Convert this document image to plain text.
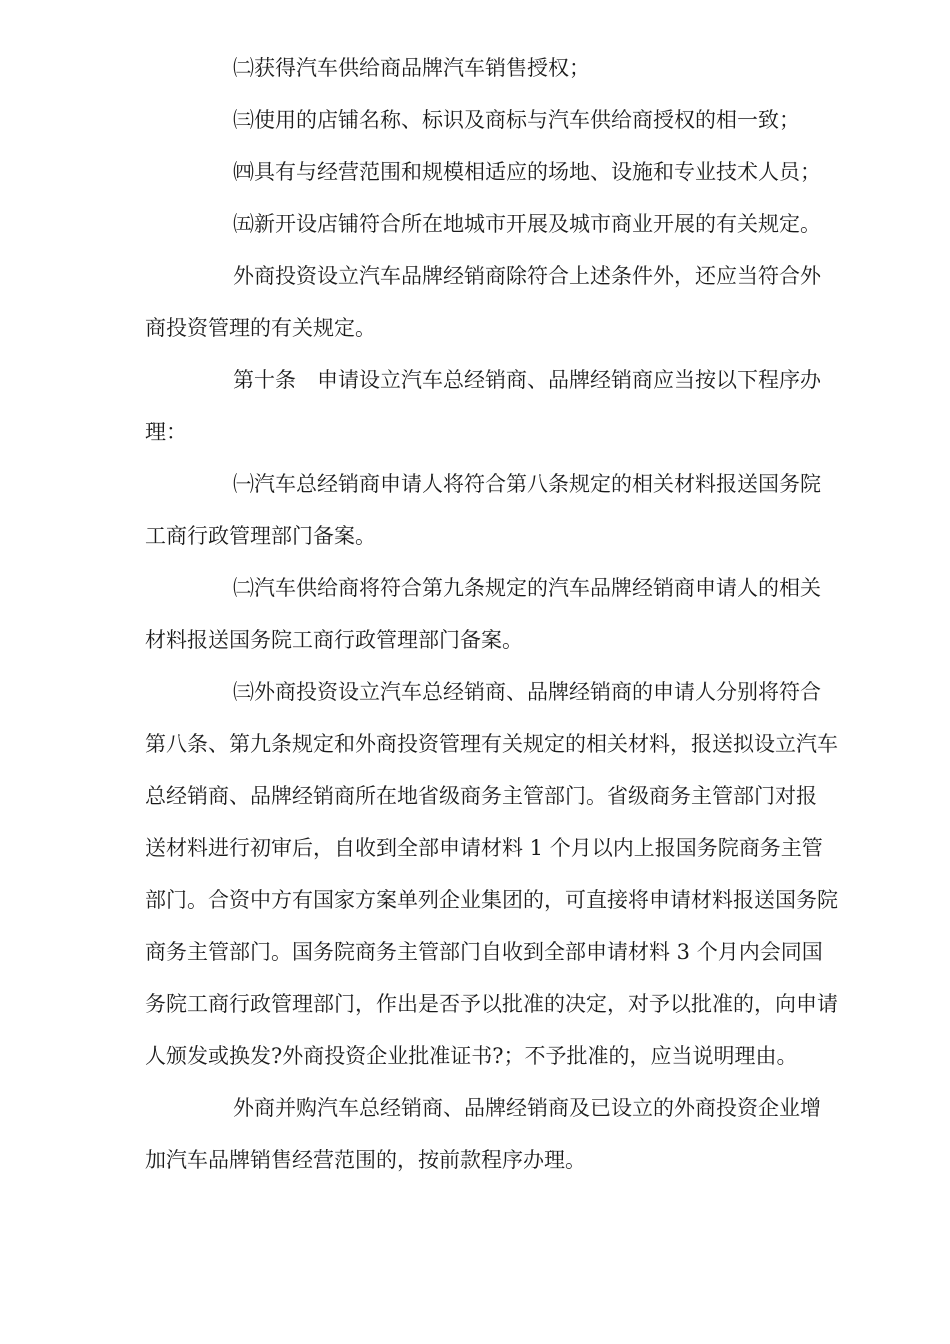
㈡获得汽车供给商品牌汽车销售授权；

㈢使用的店铺名称、标识及商标与汽车供给商授权的相一致；

㈣具有与经营范围和规模相适应的场地、设施和专业技术人员；

㈤新开设店铺符合所在地城市开展及城市商业开展的有关规定。

外商投资设立汽车品牌经销商除符合上述条件外，还应当符合外
商投资管理的有关规定。

第十条　申请设立汽车总经销商、品牌经销商应当按以下程序办
理：

㈠汽车总经销商申请人将符合第八条规定的相关材料报送国务院
工商行政管理部门备案。

㈡汽车供给商将符合第九条规定的汽车品牌经销商申请人的相关
材料报送国务院工商行政管理部门备案。

㈢外商投资设立汽车总经销商、品牌经销商的申请人分别将符合
第八条、第九条规定和外商投资管理有关规定的相关材料，报送拟设立汽车
总经销商、品牌经销商所在地省级商务主管部门。省级商务主管部门对报
送材料进行初审后，自收到全部申请材料 1 个月以内上报国务院商务主管
部门。合资中方有国家方案单列企业集团的，可直接将申请材料报送国务院
商务主管部门。国务院商务主管部门自收到全部申请材料 3 个月内会同国
务院工商行政管理部门，作出是否予以批准的决定，对予以批准的，向申请
人颁发或换发?外商投资企业批准证书?；不予批准的，应当说明理由。

外商并购汽车总经销商、品牌经销商及已设立的外商投资企业增
加汽车品牌销售经营范围的，按前款程序办理。
